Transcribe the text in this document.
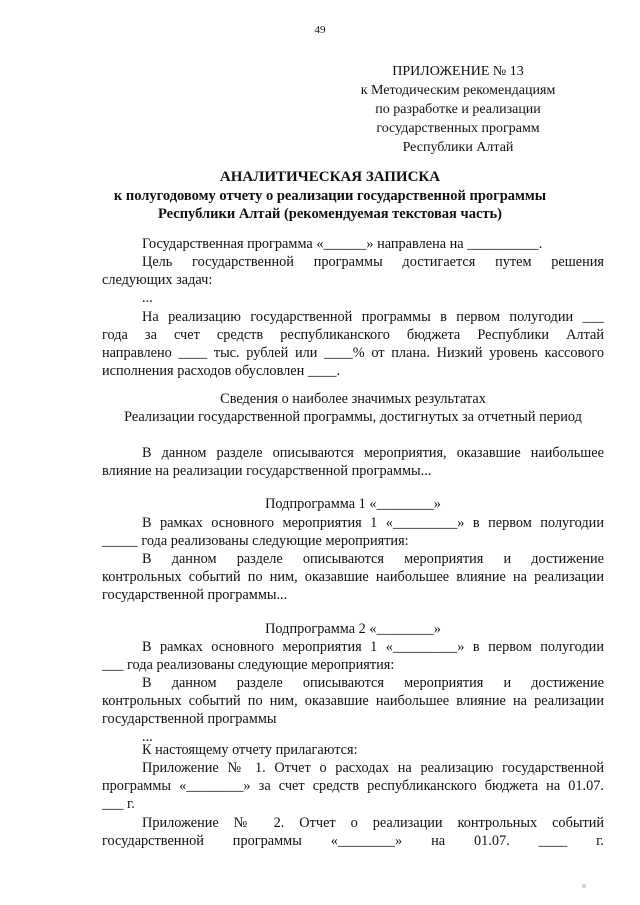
49
ПРИЛОЖЕНИЕ № 13
к Методическим рекомендациям
по разработке и реализации
государственных программ
Республики Алтай
АНАЛИТИЧЕСКАЯ ЗАПИСКА
к полугодовому отчету о реализации государственной программы
Республики Алтай (рекомендуемая текстовая часть)
Государственная программа «______» направлена на __________.
Цель государственной программы достигается путем решения
следующих задач:
...
На реализацию государственной программы в первом полугодии ___
года за счет средств республиканского бюджета Республики Алтай
направлено ____ тыс. рублей или ____% от плана. Низкий уровень кассового
исполнения расходов обусловлен ____.
Сведения о наиболее значимых результатах
Реализации государственной программы, достигнутых за отчетный период
В данном разделе описываются мероприятия, оказавшие наибольшее
влияние на реализации государственной программы...
Подпрограмма 1 «________»
В рамках основного мероприятия 1 «_________» в первом полугодии
_____ года реализованы следующие мероприятия:
В данном разделе описываются мероприятия и достижение
контрольных событий по ним, оказавшие наибольшее влияние на реализации
государственной программы...
Подпрограмма 2 «________»
В рамках основного мероприятия 1 «_________» в первом полугодии
___ года реализованы следующие мероприятия:
В данном разделе описываются мероприятия и достижение
контрольных событий по ним, оказавшие наибольшее влияние на реализации
государственной программы
...
К настоящему отчету прилагаются:
Приложение № 1. Отчет о расходах на реализацию государственной
программы «________» за счет средств республиканского бюджета на 01.07.
___ г.
Приложение № 2. Отчет о реализации контрольных событий
государственной программы «________» на 01.07. ____ г.
